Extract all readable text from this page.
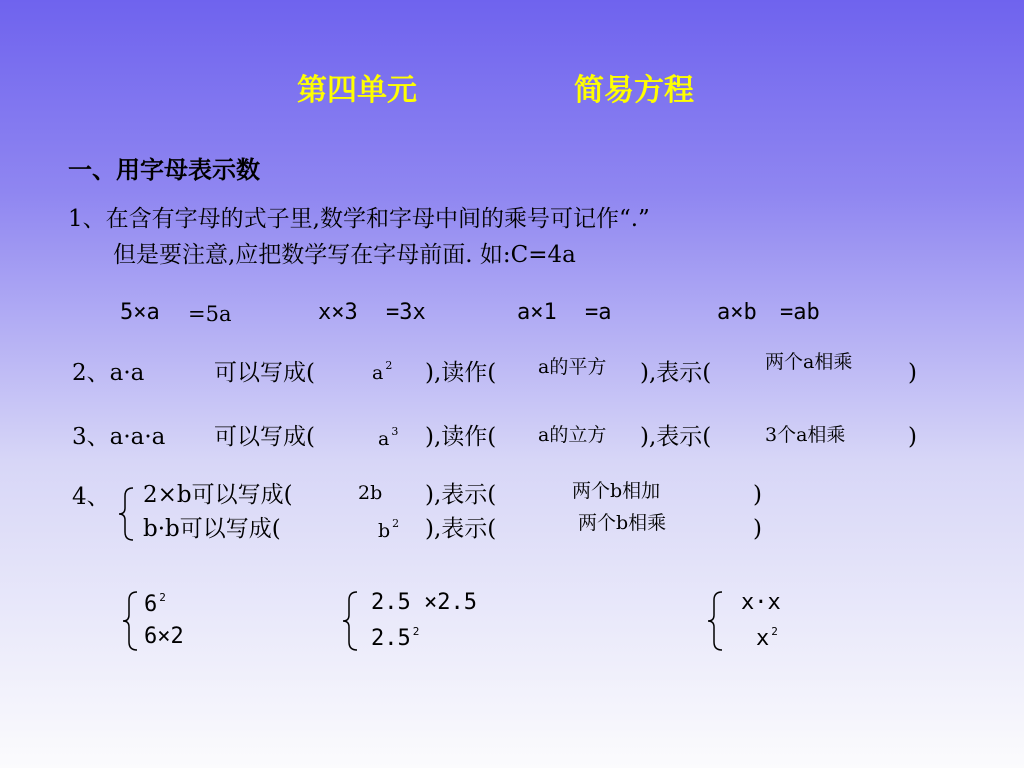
第四单元	简易方程
一、用字母表示数
1、在含有字母的式子里,数学和字母中间的乘号可记作“.”
但是要注意,应把数学写在字母前面. 如:C=4a
5×a =5a	x×3 =3x	a×1 =a	a×b =ab
2、a·a	可以写成(	a $^2$ ),读作( a的平方 ),表示(	两个a相乘 )
3、a·a·a 可以写成(	a $^3$ ),读作( a的立方 ),表示(	3个a相乘	)
4、 2×b可以写成(	2b ),表示(	两个b相加	)
b·b可以写成(	b $^2$ ),表示(	两个b相乘	)
6 $^2$
6×2
2.5 ×2.5
2.5 $^2$
x·x
x $^2$
